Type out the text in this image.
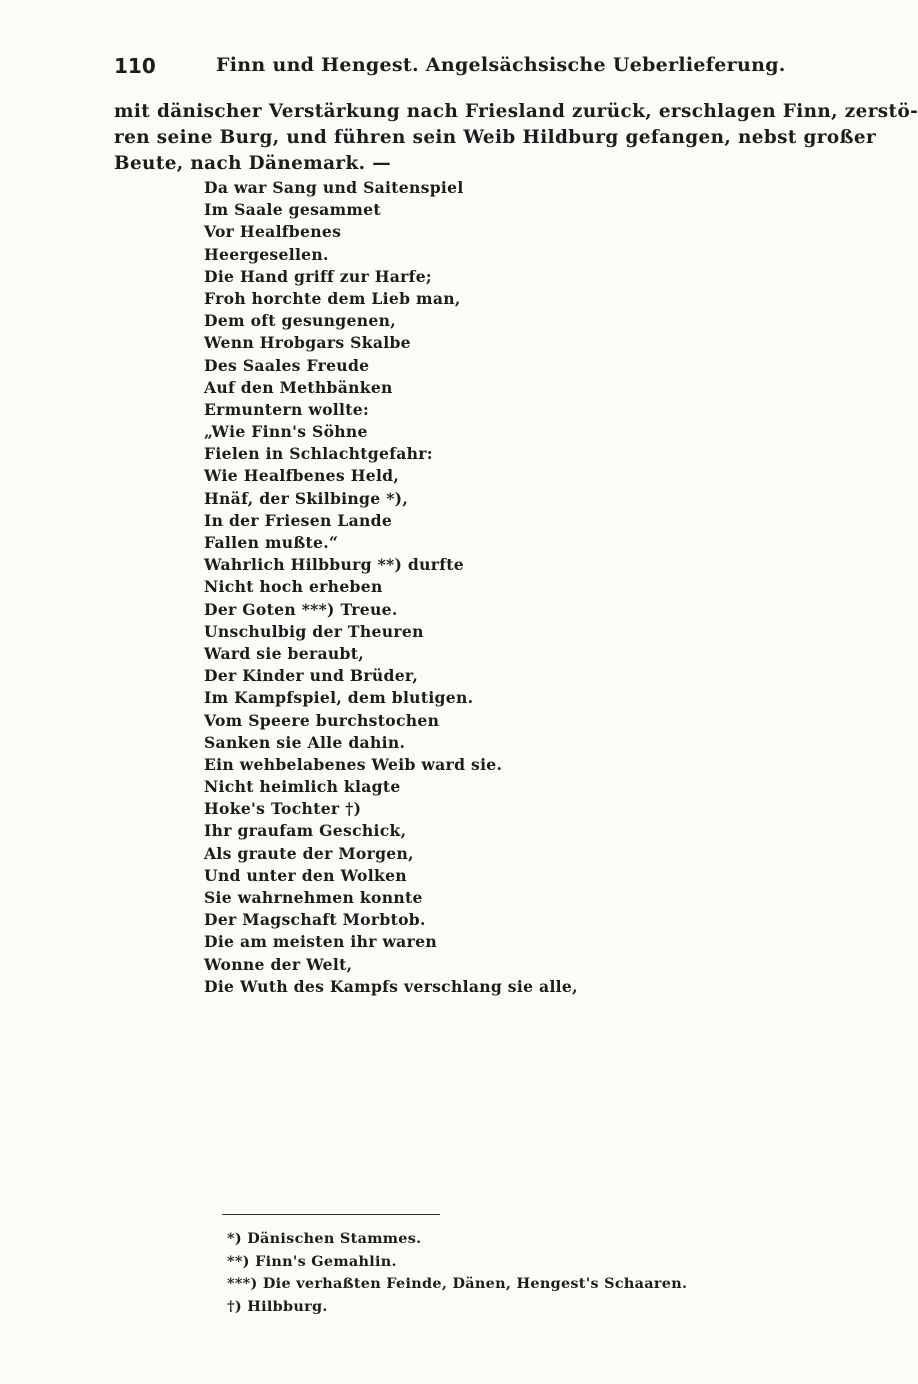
110	Finn und Hengest. Angelsächsische Ueberlieferung.
mit dänischer Verstärkung nach Friesland zurück, erschlagen Finn, zerstö-
ren seine Burg, und führen sein Weib Hildburg gefangen, nebst großer
Beute, nach Dänemark. —
Da war Sang und Saitenspiel
Im Saale gesammet
Vor Healfbenes
Heergesellen.
Die Hand griff zur Harfe;
Froh horchte dem Lieb man,
Dem oft gesungenen,
Wenn Hrobgars Skalbe
Des Saales Freude
Auf den Methbänken
Ermuntern wollte:
„Wie Finn's Söhne
Fielen in Schlachtgefahr:
Wie Healfbenes Held,
Hnäf, der Skilbinge *),
In der Friesen Lande
Fallen mußte.“
Wahrlich Hilbburg **) durfte
Nicht hoch erheben
Der Goten ***) Treue.
Unschulbig der Theuren
Ward sie beraubt,
Der Kinder und Brüder,
Im Kampfspiel, dem blutigen.
Vom Speere burchstochen
Sanken sie Alle dahin.
Ein wehbelabenes Weib ward sie.
Nicht heimlich klagte
Hoke's Tochter †)
Ihr graufam Geschick,
Als graute der Morgen,
Und unter den Wolken
Sie wahrnehmen konnte
Der Magschaft Morbtob.
Die am meisten ihr waren
Wonne der Welt,
Die Wuth des Kampfs verschlang sie alle,
*) Dänischen Stammes.
**) Finn's Gemahlin.
***) Die verhaßten Feinde, Dänen, Hengest's Schaaren.
†) Hilbburg.
